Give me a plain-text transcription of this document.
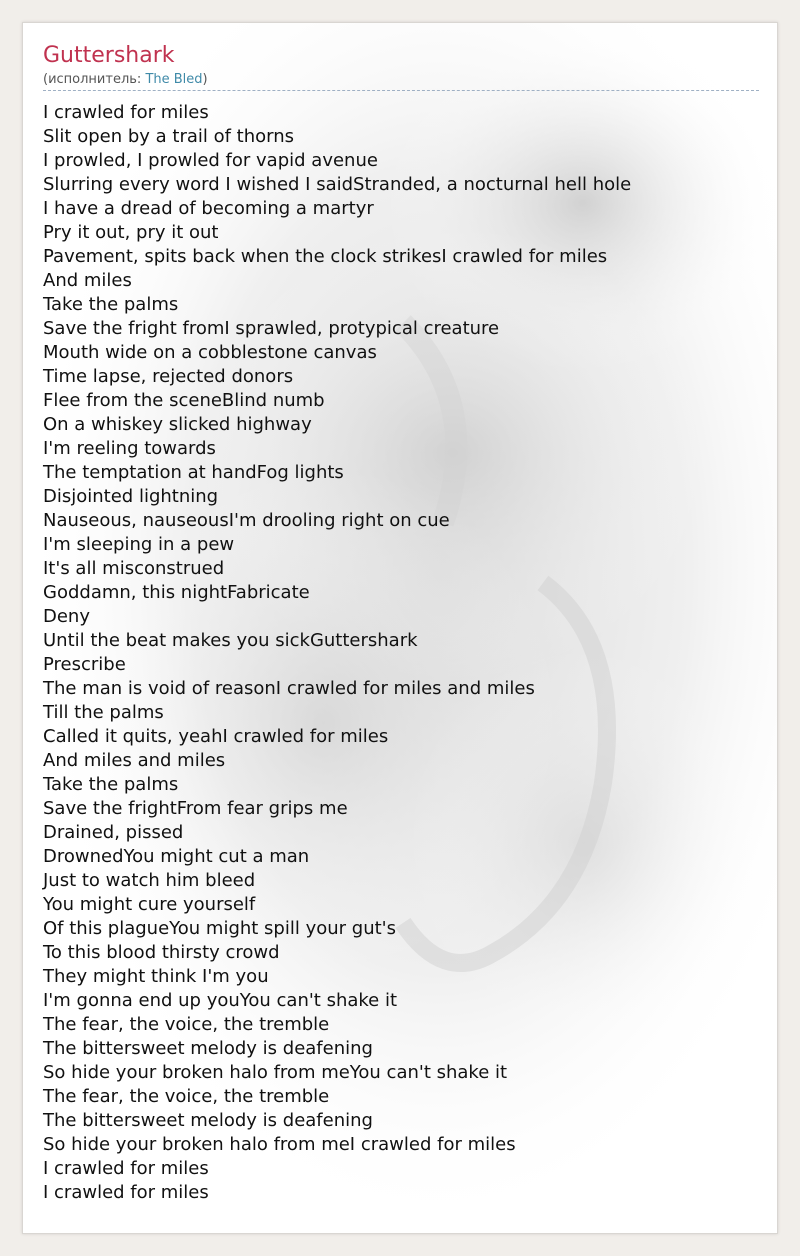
Guttershark
(исполнитель: The Bled)
I crawled for miles
Slit open by a trail of thorns
I prowled, I prowled for vapid avenue
Slurring every word I wished I saidStranded, a nocturnal hell hole
I have a dread of becoming a martyr
Pry it out, pry it out
Pavement, spits back when the clock strikesI crawled for miles
And miles
Take the palms
Save the fright fromI sprawled, protypical creature
Mouth wide on a cobblestone canvas
Time lapse, rejected donors
Flee from the sceneBlind numb
On a whiskey slicked highway
I'm reeling towards
The temptation at handFog lights
Disjointed lightning
Nauseous, nauseousI'm drooling right on cue
I'm sleeping in a pew
It's all misconstrued
Goddamn, this nightFabricate
Deny
Until the beat makes you sickGuttershark
Prescribe
The man is void of reasonI crawled for miles and miles
Till the palms
Called it quits, yeahI crawled for miles
And miles and miles
Take the palms
Save the frightFrom fear grips me
Drained, pissed
DrownedYou might cut a man
Just to watch him bleed
You might cure yourself
Of this plagueYou might spill your gut's
To this blood thirsty crowd
They might think I'm you
I'm gonna end up youYou can't shake it
The fear, the voice, the tremble
The bittersweet melody is deafening
So hide your broken halo from meYou can't shake it
The fear, the voice, the tremble
The bittersweet melody is deafening
So hide your broken halo from meI crawled for miles
I crawled for miles
I crawled for miles
